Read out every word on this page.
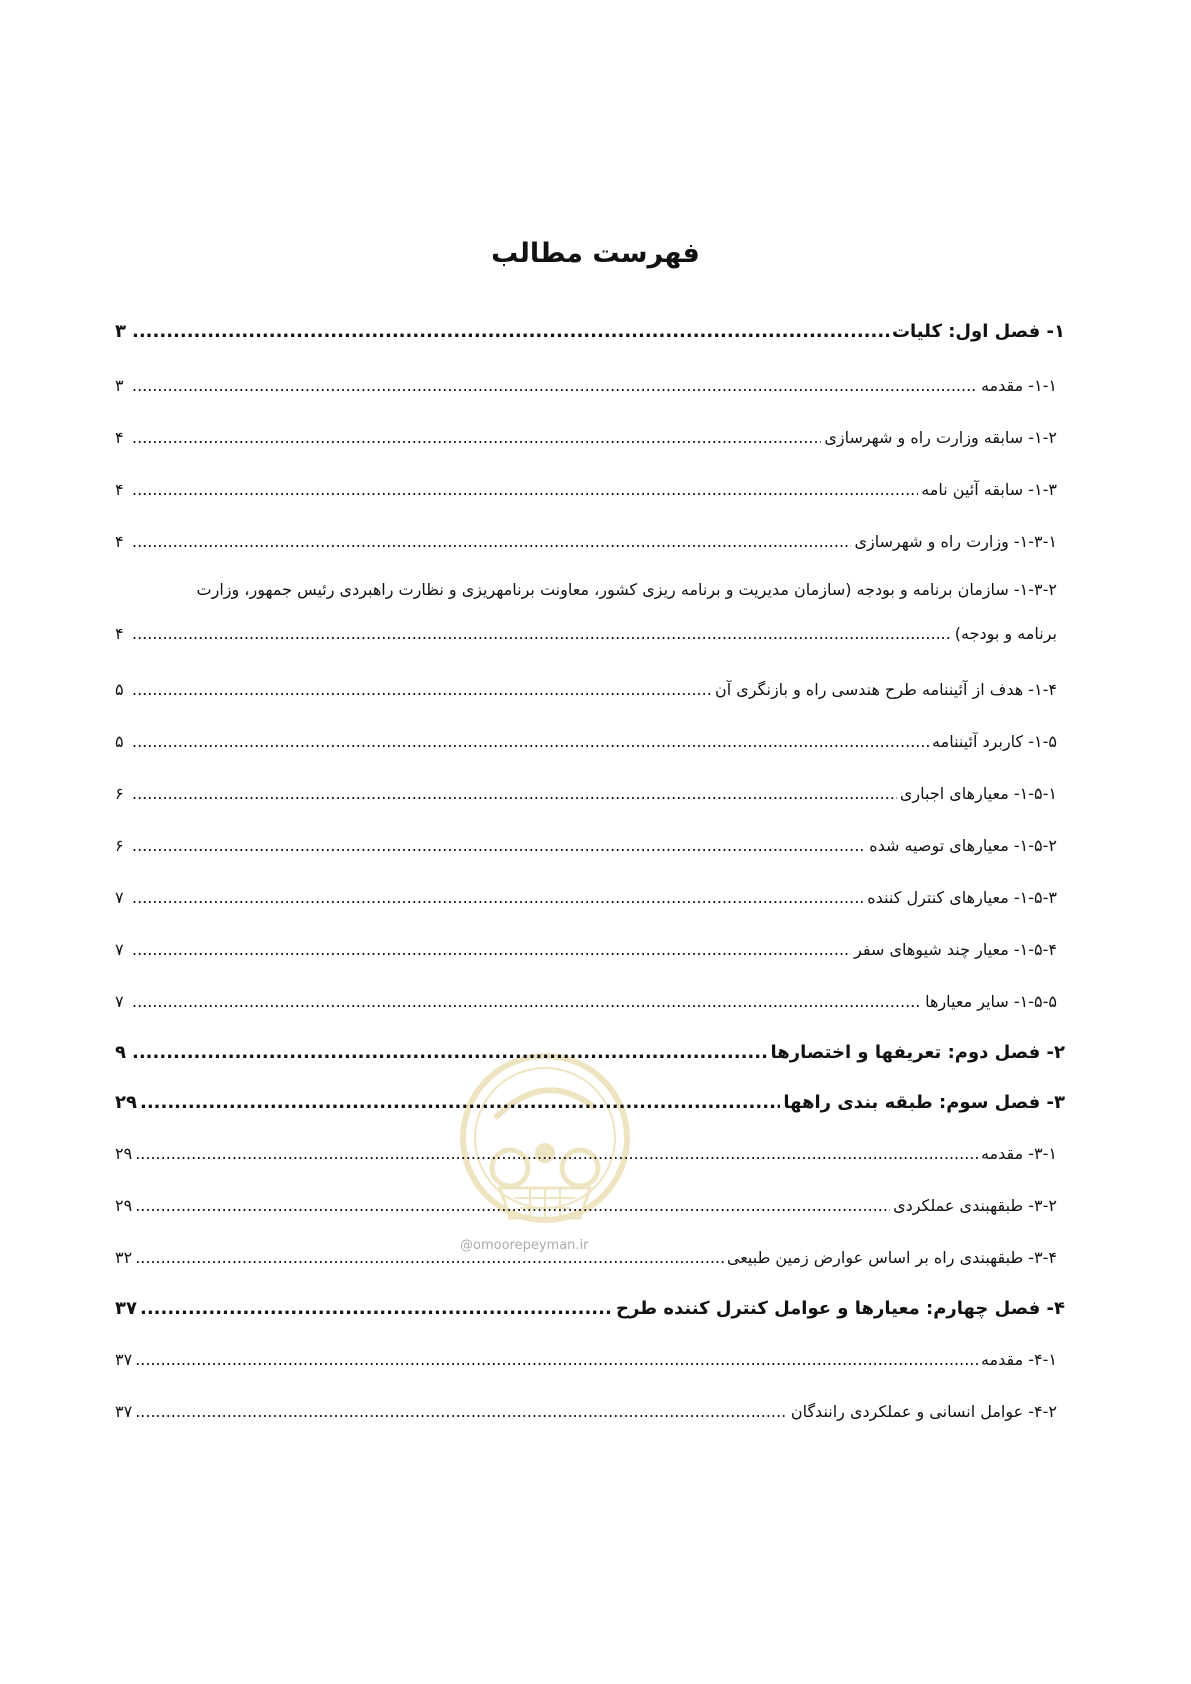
فهرست مطالب
@omoorepeyman.ir
۱- فصل اول: کلیات
.....
۳
۱-۱- مقدمه
.....
۳
۱-۲- سابقه وزارت راه و شهرسازی
.....
۴
۱-۳- سابقه آئین نامه
.....
۴
۱-۳-۱- وزارت راه و شهرسازی
.....
۴
۱-۳-۲- سازمان برنامه و بودجه (سازمان مدیریت و برنامه ریزی کشور، معاونت برنامهریزی و نظارت راهبردی رئیس جمهور، وزارت
برنامه و بودجه)
.....
۴
۱-۴- هدف از آئیننامه طرح هندسی راه و بازنگری آن
.....
۵
۱-۵- کاربرد آئیننامه
.....
۵
۱-۵-۱- معیارهای اجباری
.....
۶
۱-۵-۲- معیارهای توصیه شده
.....
۶
۱-۵-۳- معیارهای کنترل کننده
.....
۷
۱-۵-۴- معیار چند شیوهای سفر
.....
۷
۱-۵-۵- سایر معیارها
.....
۷
۲- فصل دوم: تعریفها و اختصارها
.....
۹
۳- فصل سوم: طبقه بندی راهها
.....
۲۹
۳-۱- مقدمه
.....
۲۹
۳-۲- طبقهبندی عملکردی
.....
۲۹
۳-۴- طبقهبندی راه بر اساس عوارض زمین طبیعی
.....
۳۲
۴- فصل چهارم: معیارها و عوامل کنترل کننده طرح
.....
۳۷
۴-۱- مقدمه
.....
۳۷
۴-۲- عوامل انسانی و عملکردی رانندگان
.....
۳۷
